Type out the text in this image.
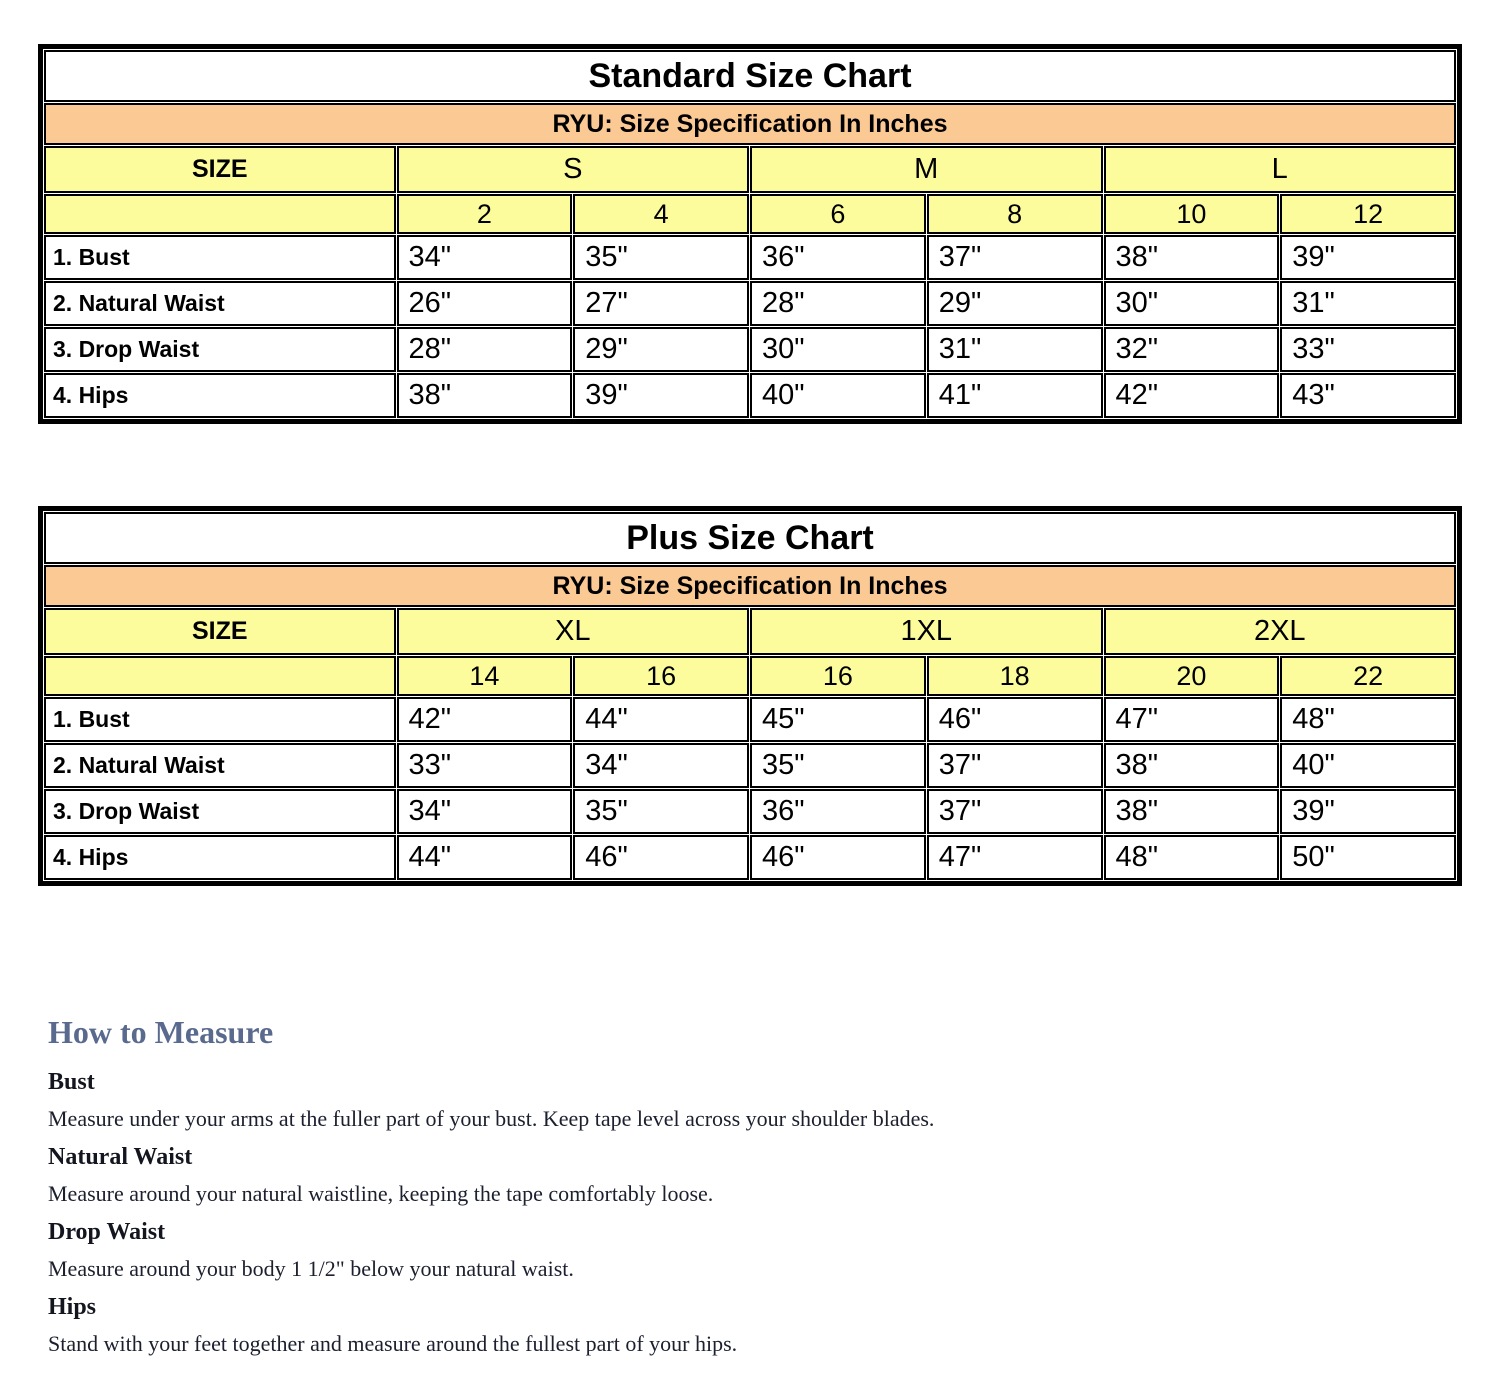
Standard Size Chart						
RYU: Size Specification In Inches						
SIZE	S		M		L	
	2	4	6	8	10	12
1. Bust	34"	35"	36"	37"	38"	39"
2. Natural Waist	26"	27"	28"	29"	30"	31"
3. Drop Waist	28"	29"	30"	31"	32"	33"
4. Hips	38"	39"	40"	41"	42"	43"
Plus Size Chart						
RYU: Size Specification In Inches						
SIZE	XL		1XL		2XL	
	14	16	16	18	20	22
1. Bust	42"	44"	45"	46"	47"	48"
2. Natural Waist	33"	34"	35"	37"	38"	40"
3. Drop Waist	34"	35"	36"	37"	38"	39"
4. Hips	44"	46"	46"	47"	48"	50"
How to Measure
Bust
Measure under your arms at the fuller part of your bust. Keep tape level across your shoulder blades.
Natural Waist
Measure around your natural waistline, keeping the tape comfortably loose.
Drop Waist
Measure around your body 1 1/2" below your natural waist.
Hips
Stand with your feet together and measure around the fullest part of your hips.
